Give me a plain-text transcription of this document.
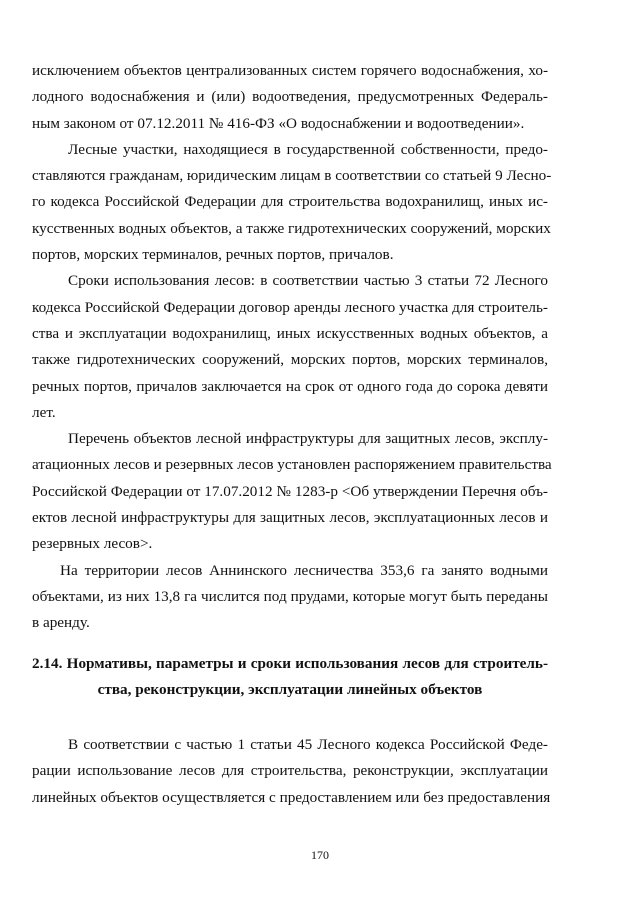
исключением объектов централизованных систем горячего водоснабжения, хо-
лодного водоснабжения и (или) водоотведения, предусмотренных Федераль-
ным законом от 07.12.2011 № 416-ФЗ «О водоснабжении и водоотведении».
Лесные участки, находящиеся в государственной собственности, предо-
ставляются гражданам, юридическим лицам в соответствии со статьей 9 Лесно-
го кодекса Российской Федерации для строительства водохранилищ, иных ис-
кусственных водных объектов, а также гидротехнических сооружений, морских
портов, морских терминалов, речных портов, причалов.
Сроки использования лесов: в соответствии частью 3 статьи 72 Лесного
кодекса Российской Федерации договор аренды лесного участка для строитель-
ства и эксплуатации водохранилищ, иных искусственных водных объектов, а
также гидротехнических сооружений, морских портов, морских терминалов,
речных портов, причалов заключается на срок от одного года до сорока девяти
лет.
Перечень объектов лесной инфраструктуры для защитных лесов, эксплу-
атационных лесов и резервных лесов установлен распоряжением правительства
Российской Федерации от 17.07.2012 № 1283-р <Об утверждении Перечня объ-
ектов лесной инфраструктуры для защитных лесов, эксплуатационных лесов и
резервных лесов>.
На территории лесов Аннинского лесничества 353,6 га занято водными
объектами, из них 13,8 га числится под прудами, которые могут быть переданы
в аренду.
2.14. Нормативы, параметры и сроки использования лесов для строитель-
ства, реконструкции, эксплуатации линейных объектов
В соответствии с частью 1 статьи 45 Лесного кодекса Российской Феде-
рации использование лесов для строительства, реконструкции, эксплуатации
линейных объектов осуществляется с предоставлением или без предоставления
170
